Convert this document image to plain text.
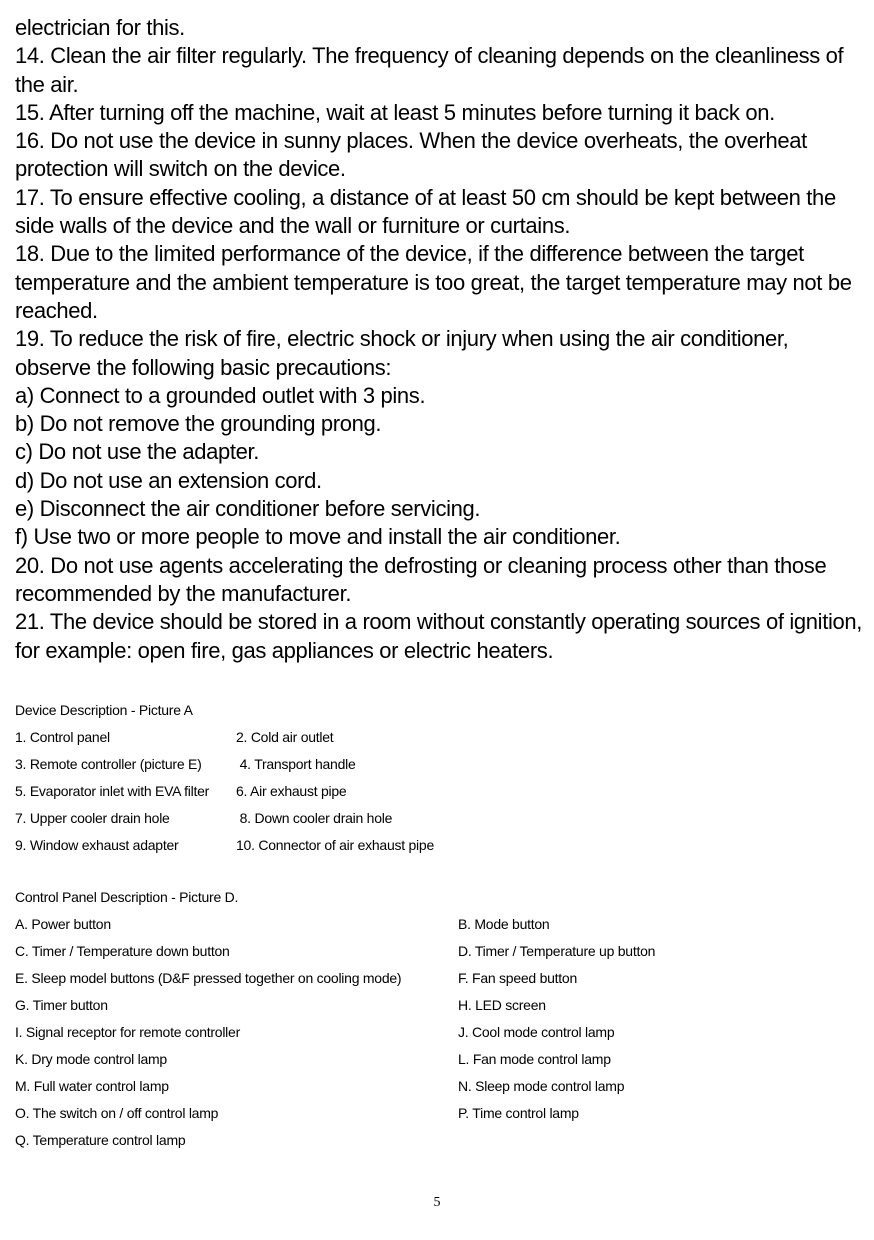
electrician for this.

14. Clean the air filter regularly. The frequency of cleaning depends on the cleanliness of the air.

15. After turning off the machine, wait at least 5 minutes before turning it back on.

16. Do not use the device in sunny places. When the device overheats, the overheat protection will switch on the device.

17. To ensure effective cooling, a distance of at least 50 cm should be kept between the side walls of the device and the wall or furniture or curtains.

18. Due to the limited performance of the device, if the difference between the target temperature and the ambient temperature is too great, the target temperature may not be reached.

19. To reduce the risk of fire, electric shock or injury when using the air conditioner, observe the following basic precautions:

a) Connect to a grounded outlet with 3 pins.

b) Do not remove the grounding prong.

c) Do not use the adapter.

d) Do not use an extension cord.

e) Disconnect the air conditioner before servicing.

f) Use two or more people to move and install the air conditioner.

20. Do not use agents accelerating the defrosting or cleaning process other than those recommended by the manufacturer.

21. The device should be stored in a room without constantly operating sources of ignition, for example: open fire, gas appliances or electric heaters.

Device Description - Picture A
1. Control panel	2. Cold air outlet
3. Remote controller (picture E) 4. Transport handle
5. Evaporator inlet with EVA filter 6. Air exhaust pipe
7. Upper cooler drain hole	8. Down cooler drain hole
9. Window exhaust adapter	10. Connector of air exhaust pipe
Control Panel Description - Picture D.
A. Power button	B. Mode button
C. Timer / Temperature down button	D. Timer / Temperature up button
E. Sleep model buttons (D&F pressed together on cooling mode)	F. Fan speed button
G. Timer button	H. LED screen
I. Signal receptor for remote controller	J. Cool mode control lamp
K. Dry mode control lamp	L. Fan mode control lamp
M. Full water control lamp	N. Sleep mode control lamp
O. The switch on / off control lamp	P. Time control lamp
Q. Temperature control lamp
5
